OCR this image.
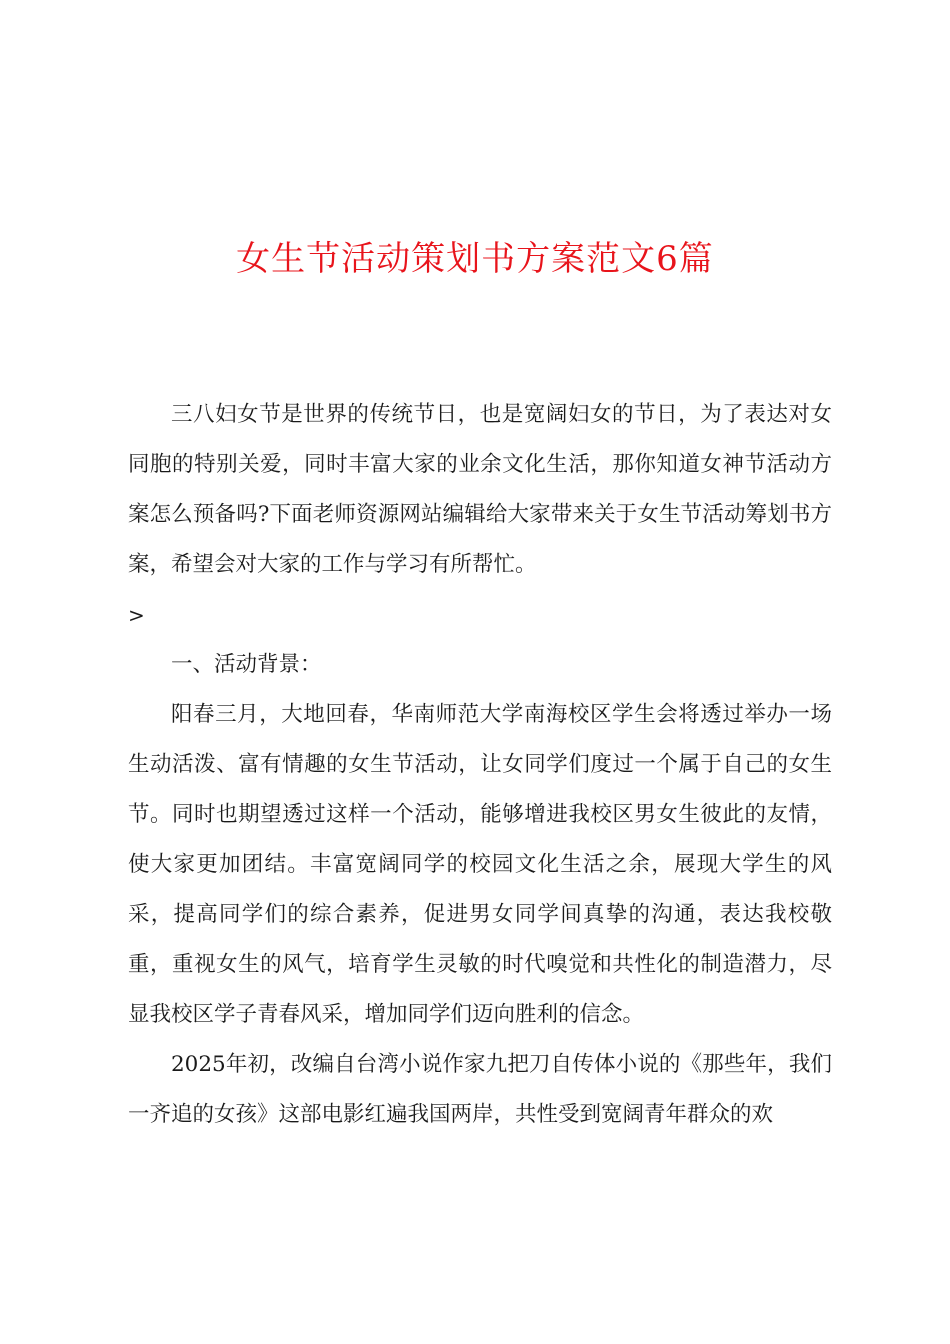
女生节活动策划书方案范文6篇

三八妇女节是世界的传统节日，也是宽阔妇女的节日，为了表达对女同胞的特别关爱，同时丰富大家的业余文化生活，那你知道女神节活动方案怎么预备吗?下面老师资源网站编辑给大家带来关于女生节活动筹划书方案，希望会对大家的工作与学习有所帮忙。

>

一、活动背景：

阳春三月，大地回春，华南师范大学南海校区学生会将透过举办一场生动活泼、富有情趣的女生节活动，让女同学们度过一个属于自己的女生节。同时也期望透过这样一个活动，能够增进我校区男女生彼此的友情，使大家更加团结。丰富宽阔同学的校园文化生活之余，展现大学生的风采，提高同学们的综合素养，促进男女同学间真挚的沟通，表达我校敬重，重视女生的风气，培育学生灵敏的时代嗅觉和共性化的制造潜力，尽显我校区学子青春风采，增加同学们迈向胜利的信念。

2025年初，改编自台湾小说作家九把刀自传体小说的《那些年，我们一齐追的女孩》这部电影红遍我国两岸，共性受到宽阔青年群众的欢
